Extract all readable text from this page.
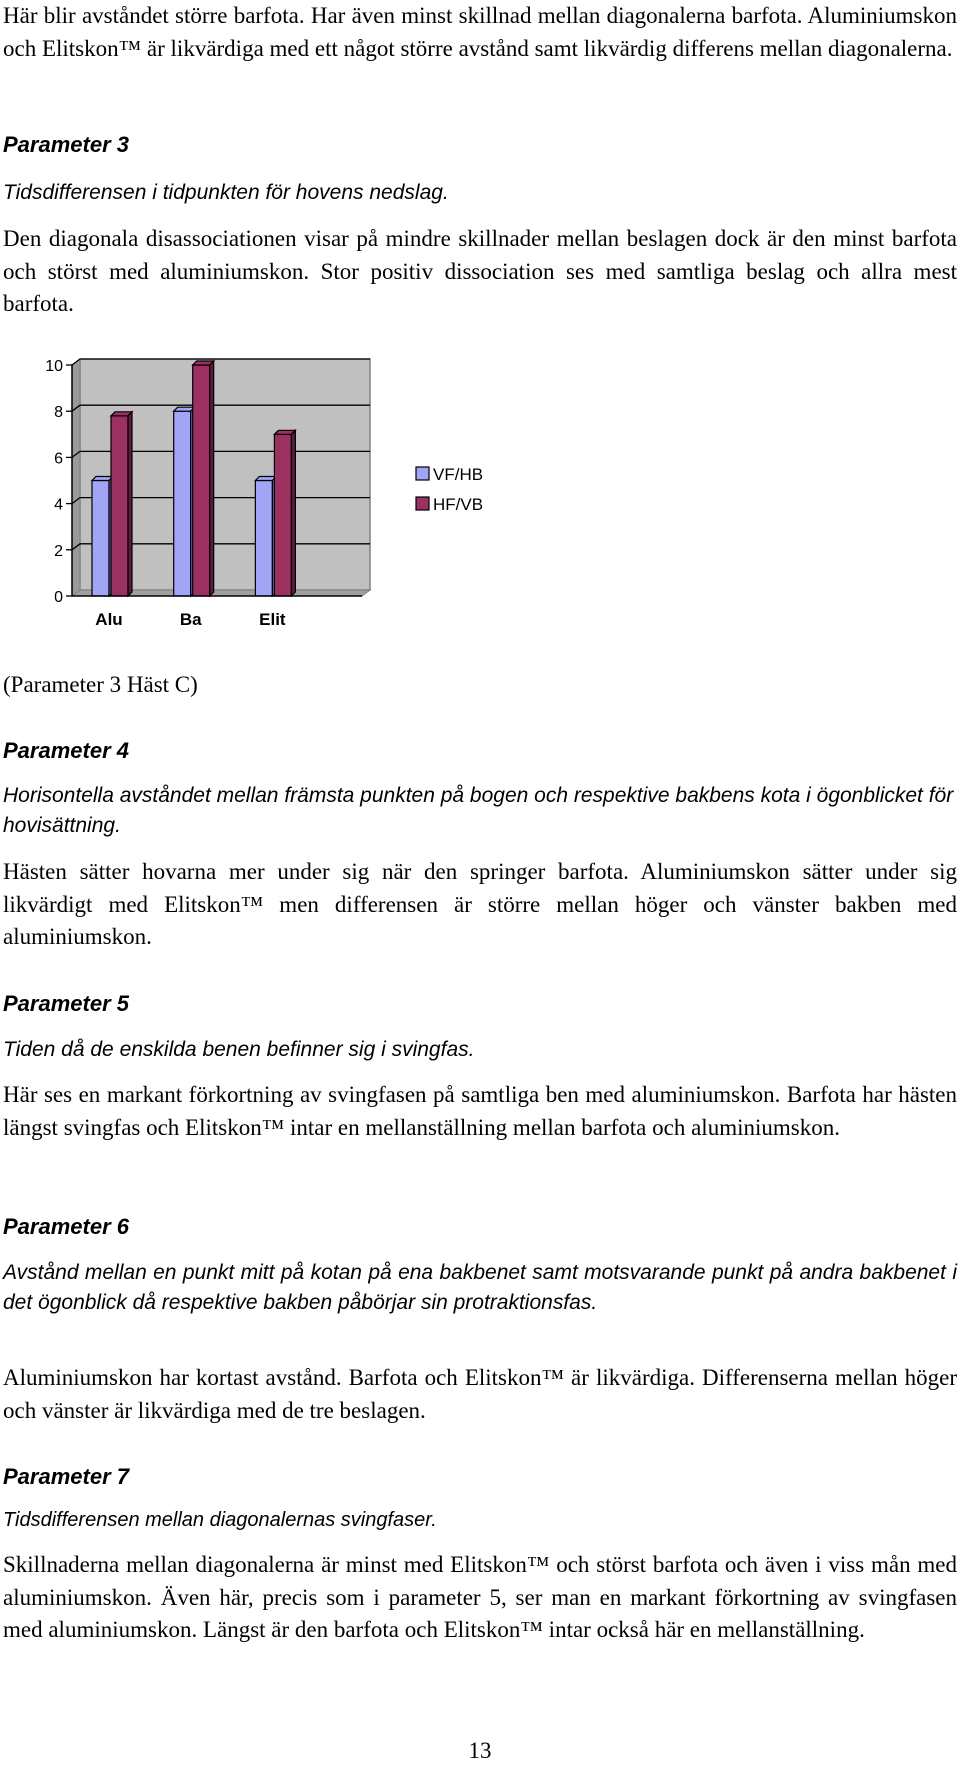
Här blir avståndet större barfota. Har även minst skillnad mellan diagonalerna barfota. Aluminiumskon och Elitskon™ är likvärdiga med ett något större avstånd samt likvärdig differens mellan diagonalerna.

Parameter 3

Tidsdifferensen i tidpunkten för hovens nedslag.

Den diagonala disassociationen visar på mindre skillnader mellan beslagen dock är den minst barfota och störst med aluminiumskon. Stor positiv dissociation ses med samtliga beslag och allra mest barfota.

0
2
4
6
8
10
Alu	Ba	Elit
VF/HB
HF/VB

(Parameter 3 Häst C)

Parameter 4

Horisontella avståndet mellan främsta punkten på bogen och respektive bakbens kota i ögonblicket för hovisättning.

Hästen sätter hovarna mer under sig när den springer barfota. Aluminiumskon sätter under sig likvärdigt med Elitskon™ men differensen är större mellan höger och vänster bakben med aluminiumskon.

Parameter 5

Tiden då de enskilda benen befinner sig i svingfas.

Här ses en markant förkortning av svingfasen på samtliga ben med aluminiumskon. Barfota har hästen längst svingfas och Elitskon™ intar en mellanställning mellan barfota och aluminiumskon.

Parameter 6

Avstånd mellan en punkt mitt på kotan på ena bakbenet samt motsvarande punkt på andra bakbenet i det ögonblick då respektive bakben påbörjar sin protraktionsfas.

Aluminiumskon har kortast avstånd. Barfota och Elitskon™ är likvärdiga. Differenserna mellan höger och vänster är likvärdiga med de tre beslagen.

Parameter 7

Tidsdifferensen mellan diagonalernas svingfaser.

Skillnaderna mellan diagonalerna är minst med Elitskon™ och störst barfota och även i viss mån med aluminiumskon. Även här, precis som i parameter 5, ser man en markant förkortning av svingfasen med aluminiumskon. Längst är den barfota och Elitskon™ intar också här en mellanställning.

13
